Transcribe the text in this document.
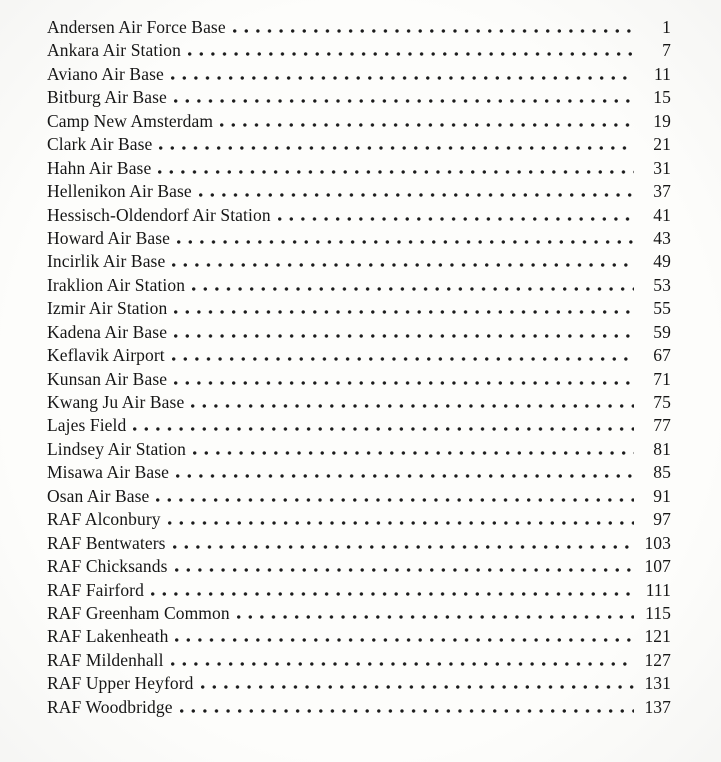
Andersen Air Force Base	1
Ankara Air Station	7
Aviano Air Base	11
Bitburg Air Base	15
Camp New Amsterdam	19
Clark Air Base	21
Hahn Air Base	31
Hellenikon Air Base	37
Hessisch-Oldendorf Air Station	41
Howard Air Base	43
Incirlik Air Base	49
Iraklion Air Station	53
Izmir Air Station	55
Kadena Air Base	59
Keflavik Airport	67
Kunsan Air Base	71
Kwang Ju Air Base	75
Lajes Field	77
Lindsey Air Station	81
Misawa Air Base	85
Osan Air Base	91
RAF Alconbury	97
RAF Bentwaters	103
RAF Chicksands	107
RAF Fairford	111
RAF Greenham Common	115
RAF Lakenheath	121
RAF Mildenhall	127
RAF Upper Heyford	131
RAF Woodbridge	137
